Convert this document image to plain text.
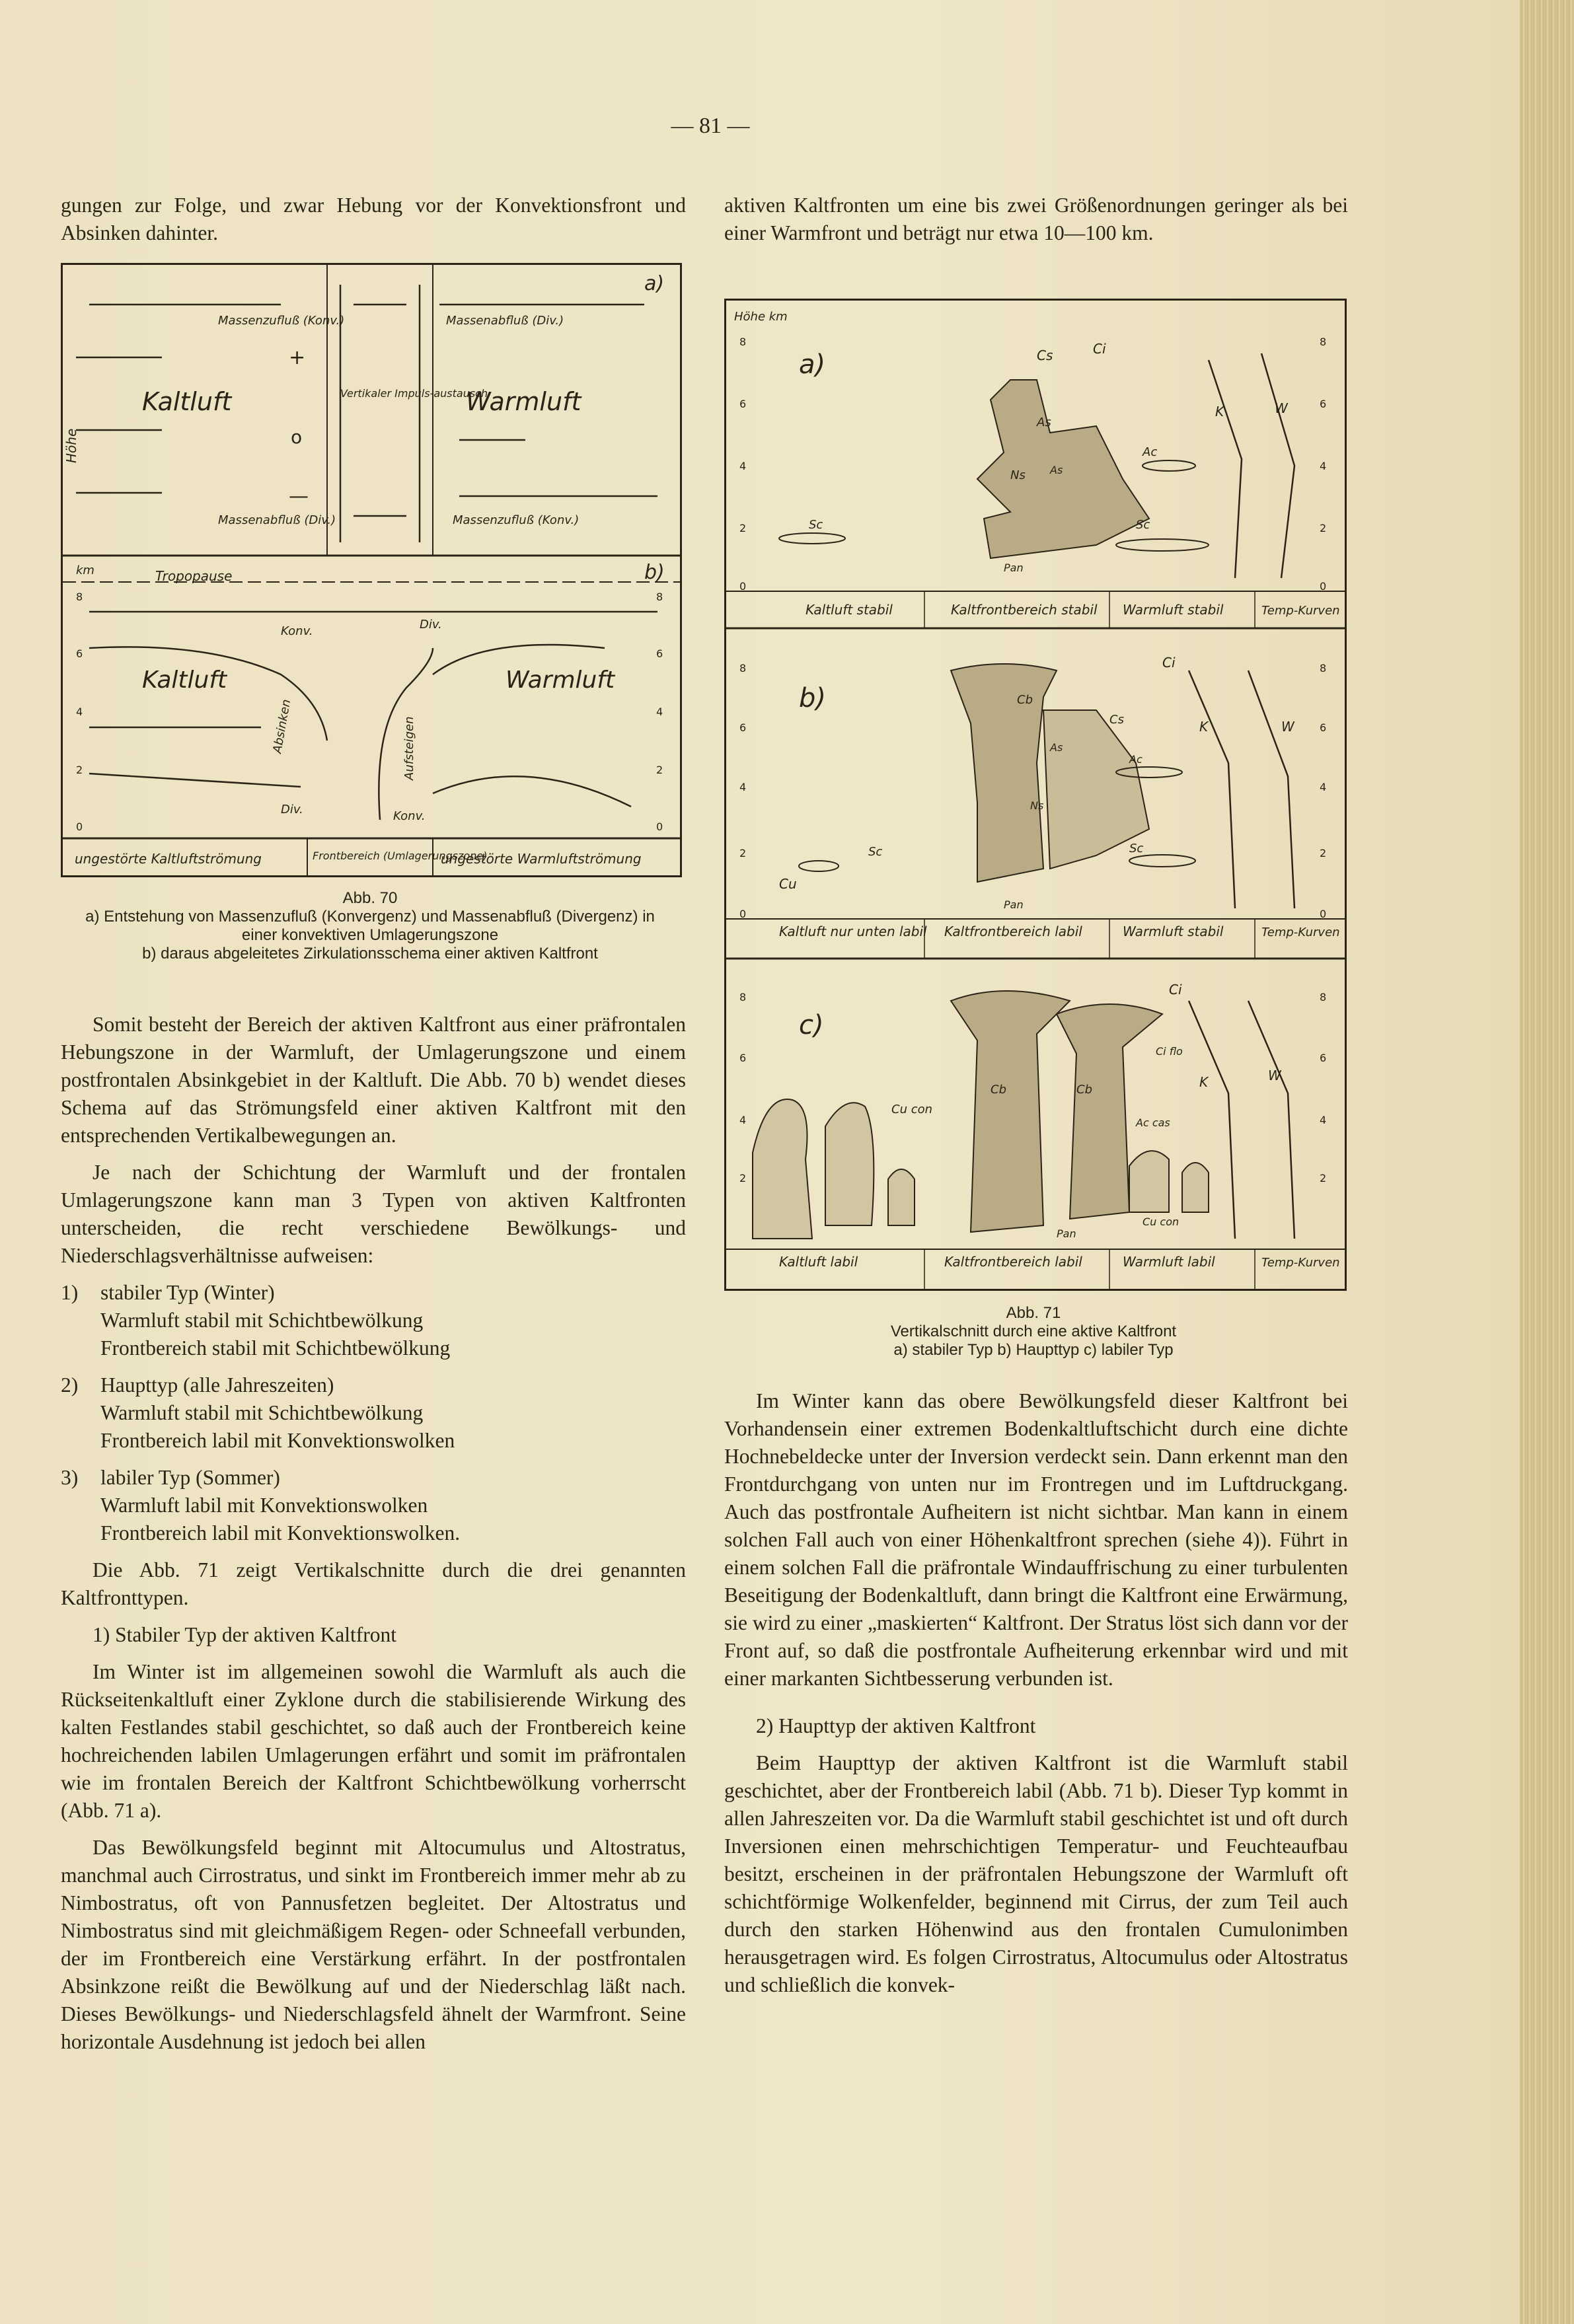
— 81 —

gungen zur Folge, und zwar Hebung vor der Konvektionsfront und Absinken dahinter.

a)
Höhe
Kaltluft	Warmluft
Massenzufluß (Konv.)
Massenabfluß (Div.)
Massenabfluß (Div.)
Massenzufluß (Konv.)
Vertikaler Impuls-austausch
+
o
—
km	Tropopause	b)
Kaltluft	Warmluft
Konv.	Div.
Absinken	Aufsteigen
Div.	Konv.
8
6
4
2
0
8
6
4
2
0
ungestörte Kaltluftströmung	Frontbereich (Umlagerungszone)
ungestörte Warmluftströmung
Abb. 70
a) Entstehung von Massenzufluß (Konvergenz) und Massenabfluß (Divergenz) in einer konvektiven Umlagerungszone
b) daraus abgeleitetes Zirkulationsschema einer aktiven Kaltfront

Somit besteht der Bereich der aktiven Kaltfront aus einer präfrontalen Hebungszone in der Warmluft, der Umlagerungszone und einem postfrontalen Absinkgebiet in der Kaltluft. Die Abb. 70 b) wendet dieses Schema auf das Strömungsfeld einer aktiven Kaltfront mit den entsprechenden Vertikalbewegungen an.

Je nach der Schichtung der Warmluft und der frontalen Umlagerungszone kann man 3 Typen von aktiven Kaltfronten unterscheiden, die recht verschiedene Bewölkungs- und Niederschlagsverhältnisse aufweisen:

1) stabiler Typ (Winter)
Warmluft stabil mit Schichtbewölkung
Frontbereich stabil mit Schichtbewölkung
2) Haupttyp (alle Jahreszeiten)
Warmluft stabil mit Schichtbewölkung
Frontbereich labil mit Konvektionswolken
3) labiler Typ (Sommer)
Warmluft labil mit Konvektionswolken
Frontbereich labil mit Konvektionswolken.

Die Abb. 71 zeigt Vertikalschnitte durch die drei genannten Kaltfronttypen.

1) Stabiler Typ der aktiven Kaltfront

Im Winter ist im allgemeinen sowohl die Warmluft als auch die Rückseitenkaltluft einer Zyklone durch die stabilisierende Wirkung des kalten Festlandes stabil geschichtet, so daß auch der Frontbereich keine hochreichenden labilen Umlagerungen erfährt und somit im präfrontalen wie im frontalen Bereich der Kaltfront Schichtbewölkung vorherrscht (Abb. 71 a).

Das Bewölkungsfeld beginnt mit Altocumulus und Altostratus, manchmal auch Cirrostratus, und sinkt im Frontbereich immer mehr ab zu Nimbostratus, oft von Pannusfetzen begleitet. Der Altostratus und Nimbostratus sind mit gleichmäßigem Regen- oder Schneefall verbunden, der im Frontbereich eine Verstärkung erfährt. In der postfrontalen Absinkzone reißt die Bewölkung auf und der Niederschlag läßt nach. Dieses Bewölkungs- und Niederschlagsfeld ähnelt der Warmfront. Seine horizontale Ausdehnung ist jedoch bei allen

aktiven Kaltfronten um eine bis zwei Größenordnungen geringer als bei einer Warmfront und beträgt nur etwa 10—100 km.

Höhe km
a)
8
6
4
2
0
8
6
4
2
0
Cs	Ci
As
Ns As
Ac
Sc	Sc
Pan
K	W
Kaltluft stabil	Kaltfrontbereich stabil Warmluft stabil	Temp-Kurven
b)
8
6
4
2
0
8
6
4
2
0
Ci
Cb
Cs
As
Ac
Ns
Sc	Sc
Cu
Pan
K	W
Kaltluft nur unten labil Kaltfrontbereich labil	Warmluft stabil	Temp-Kurven
c)
8
6
4
2
8
6
4
2
Ci
Ci flo
Cu con
Cb	Cb
Ac cas
Cu con
Pan
K	W
Kaltluft labil	Kaltfrontbereich labil	Warmluft labil	Temp-Kurven
Abb. 71
Vertikalschnitt durch eine aktive Kaltfront
a) stabiler Typ b) Haupttyp c) labiler Typ

Im Winter kann das obere Bewölkungsfeld dieser Kaltfront bei Vorhandensein einer extremen Bodenkaltluftschicht durch eine dichte Hochnebeldecke unter der Inversion verdeckt sein. Dann erkennt man den Frontdurchgang von unten nur im Frontregen und im Luftdruckgang. Auch das postfrontale Aufheitern ist nicht sichtbar. Man kann in einem solchen Fall auch von einer Höhenkaltfront sprechen (siehe 4)). Führt in einem solchen Fall die präfrontale Windauffrischung zu einer turbulenten Beseitigung der Bodenkaltluft, dann bringt die Kaltfront eine Erwärmung, sie wird zu einer „maskierten“ Kaltfront. Der Stratus löst sich dann vor der Front auf, so daß die postfrontale Aufheiterung erkennbar wird und mit einer markanten Sichtbesserung verbunden ist.

2) Haupttyp der aktiven Kaltfront

Beim Haupttyp der aktiven Kaltfront ist die Warmluft stabil geschichtet, aber der Frontbereich labil (Abb. 71 b). Dieser Typ kommt in allen Jahreszeiten vor. Da die Warmluft stabil geschichtet ist und oft durch Inversionen einen mehrschichtigen Temperatur- und Feuchteaufbau besitzt, erscheinen in der präfrontalen Hebungszone der Warmluft oft schichtförmige Wolkenfelder, beginnend mit Cirrus, der zum Teil auch durch den starken Höhenwind aus den frontalen Cumulonimben herausgetragen wird. Es folgen Cirrostratus, Altocumulus oder Altostratus und schließlich die konvek-
